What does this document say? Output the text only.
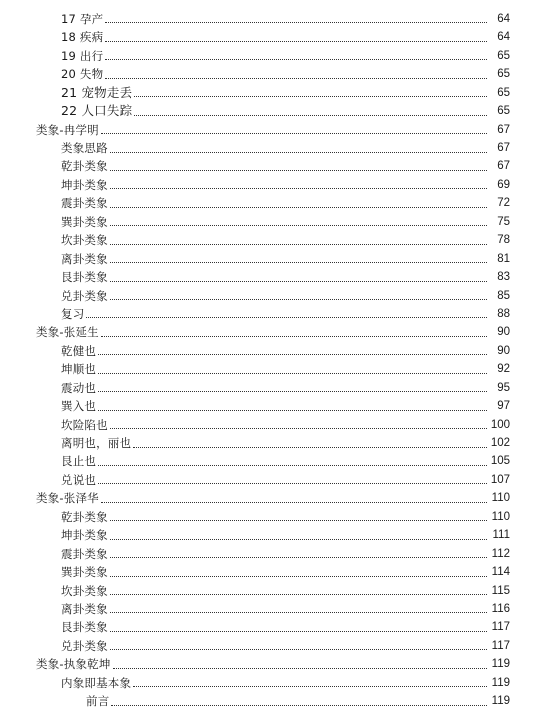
17 孕产	64
18 疾病	64
19 出行	65
20 失物	65
21 宠物走丢	65
22 人口失踪	65
类象-冉学明	67
类象思路	67
乾卦类象	67
坤卦类象	69
震卦类象	72
巽卦类象	75
坎卦类象	78
离卦类象	81
艮卦类象	83
兑卦类象	85
复习	88
类象-张延生	90
乾健也	90
坤顺也	92
震动也	95
巽入也	97
坎险陷也	100
离明也，丽也	102
艮止也	105
兑说也	107
类象-张泽华	110
乾卦类象	110
坤卦类象	111
震卦类象	112
巽卦类象	114
坎卦类象	115
离卦类象	116
艮卦类象	117
兑卦类象	117
类象-执象乾坤	119
内象即基本象	119
前言	119
